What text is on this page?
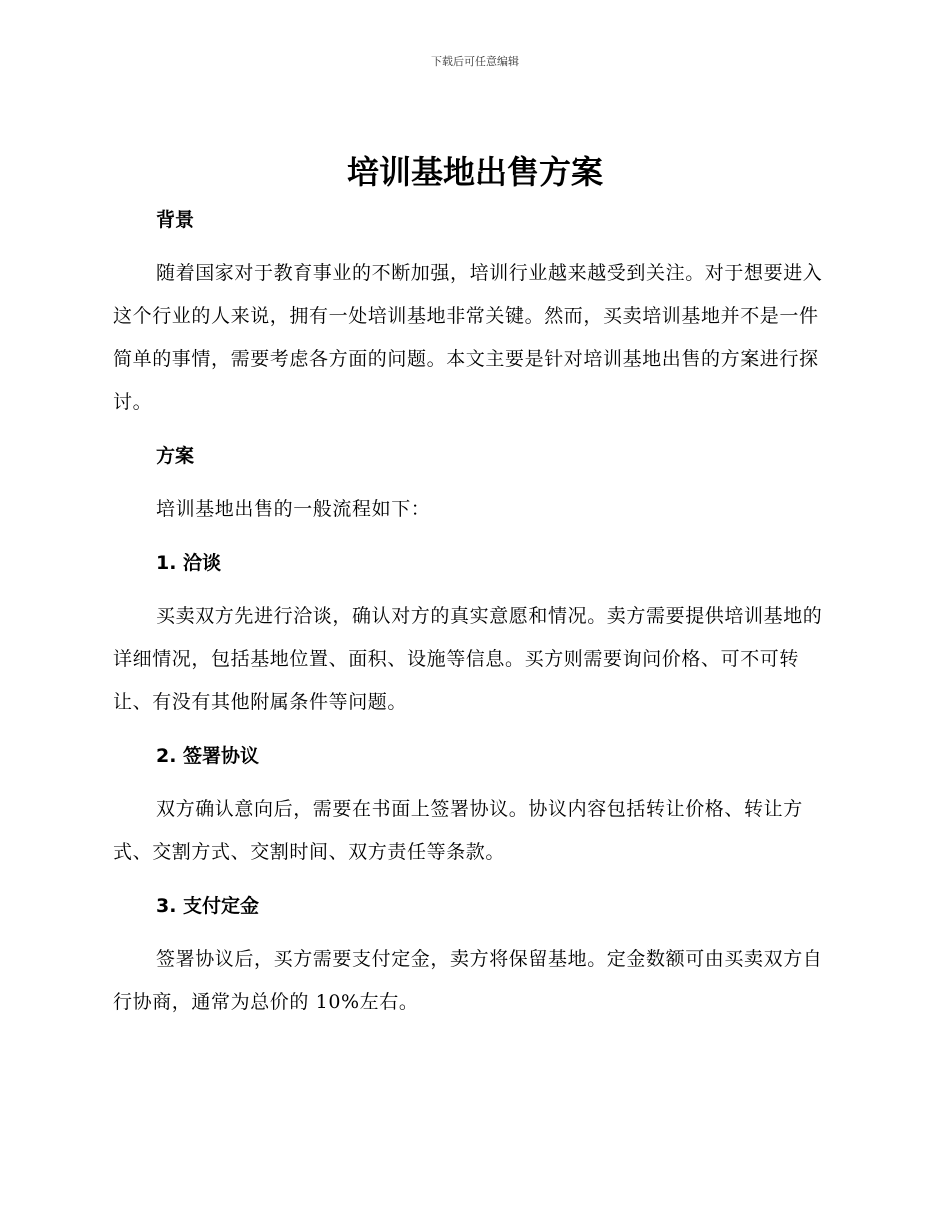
下载后可任意编辑
培训基地出售方案
背景

随着国家对于教育事业的不断加强，培训行业越来越受到关注。对于想要进入这个行业的人来说，拥有一处培训基地非常关键。然而，买卖培训基地并不是一件简单的事情，需要考虑各方面的问题。本文主要是针对培训基地出售的方案进行探讨。

方案

培训基地出售的一般流程如下：

1. 洽谈

买卖双方先进行洽谈，确认对方的真实意愿和情况。卖方需要提供培训基地的详细情况，包括基地位置、面积、设施等信息。买方则需要询问价格、可不可转让、有没有其他附属条件等问题。

2. 签署协议

双方确认意向后，需要在书面上签署协议。协议内容包括转让价格、转让方式、交割方式、交割时间、双方责任等条款。

3. 支付定金

签署协议后，买方需要支付定金，卖方将保留基地。定金数额可由买卖双方自行协商，通常为总价的 10%左右。
